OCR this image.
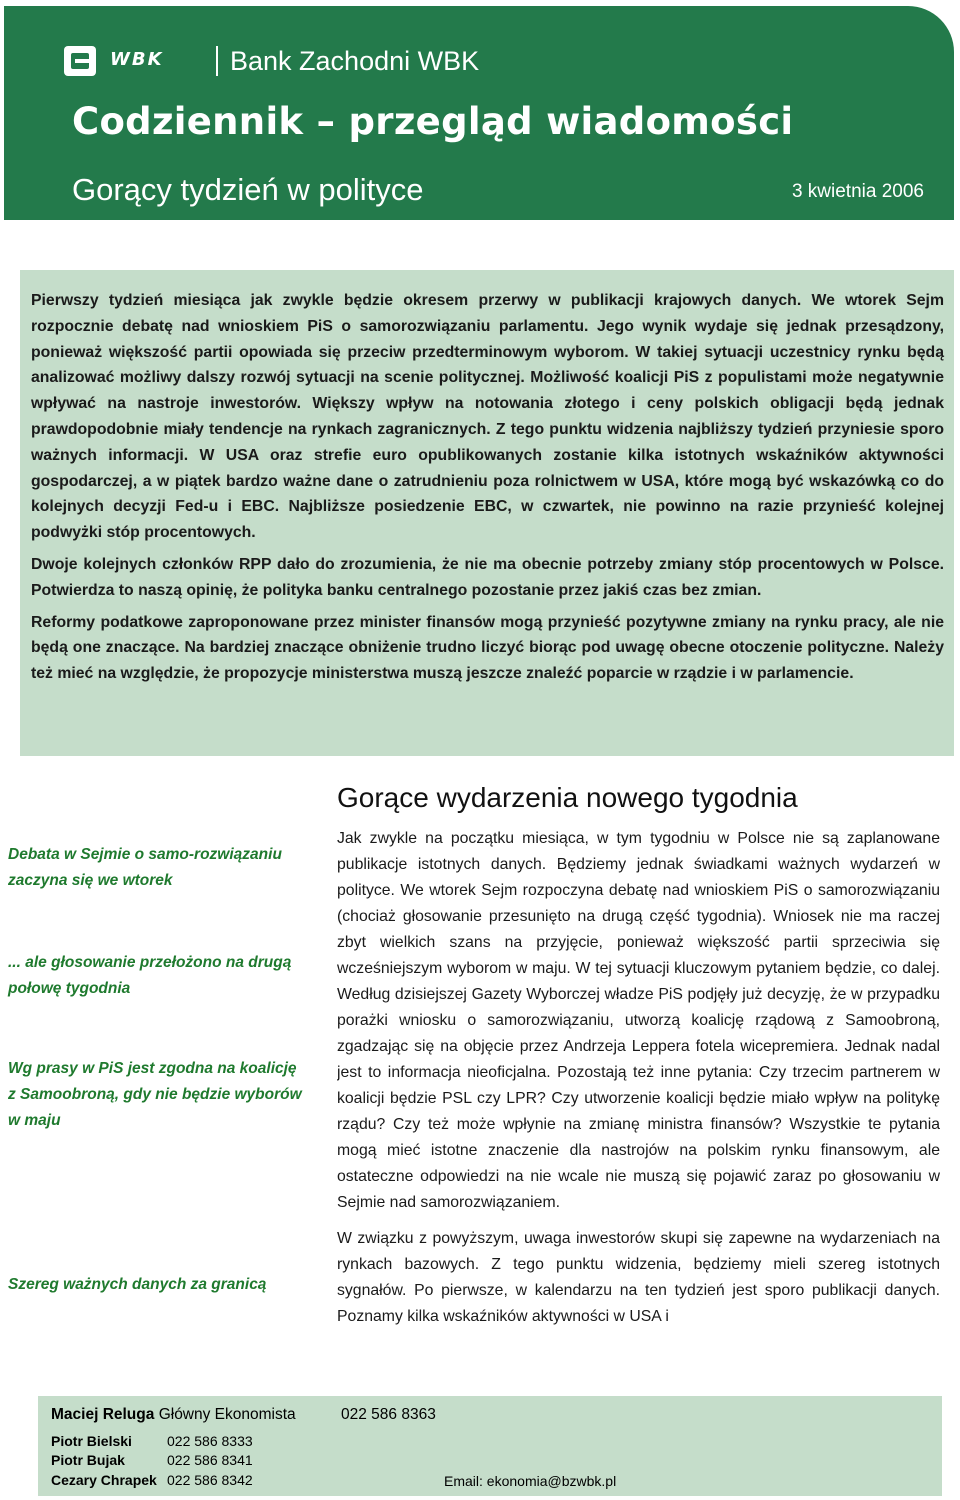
WBK	Bank Zachodni WBK
Codziennik – przegląd wiadomości
Gorący tydzień w polityce	3 kwietnia 2006

Pierwszy tydzień miesiąca jak zwykle będzie okresem przerwy w publikacji krajowych danych. We wtorek Sejm rozpocznie debatę nad wnioskiem PiS o samorozwiązaniu parlamentu. Jego wynik wydaje się jednak przesądzony, ponieważ większość partii opowiada się przeciw przedterminowym wyborom. W takiej sytuacji uczestnicy rynku będą analizować możliwy dalszy rozwój sytuacji na scenie politycznej. Możliwość koalicji PiS z populistami może negatywnie wpływać na nastroje inwestorów. Większy wpływ na notowania złotego i ceny polskich obligacji będą jednak prawdopodobnie miały tendencje na rynkach zagranicznych. Z tego punktu widzenia najbliższy tydzień przyniesie sporo ważnych informacji. W USA oraz strefie euro opublikowanych zostanie kilka istotnych wskaźników aktywności gospodarczej, a w piątek bardzo ważne dane o zatrudnieniu poza rolnictwem w USA, które mogą być wskazówką co do kolejnych decyzji Fed-u i EBC. Najbliższe posiedzenie EBC, w czwartek, nie powinno na razie przynieść kolejnej podwyżki stóp procentowych.

Dwoje kolejnych członków RPP dało do zrozumienia, że nie ma obecnie potrzeby zmiany stóp procentowych w Polsce. Potwierdza to naszą opinię, że polityka banku centralnego pozostanie przez jakiś czas bez zmian.

Reformy podatkowe zaproponowane przez minister finansów mogą przynieść pozytywne zmiany na rynku pracy, ale nie będą one znaczące. Na bardziej znaczące obniżenie trudno liczyć biorąc pod uwagę obecne otoczenie polityczne. Należy też mieć na względzie, że propozycje ministerstwa muszą jeszcze znaleźć poparcie w rządzie i w parlamencie.

Gorące wydarzenia nowego tygodnia

Debata w Sejmie o samo-rozwiązaniu zaczyna się we wtorek

... ale głosowanie przełożono na drugą połowę tygodnia

Wg prasy w PiS jest zgodna na koalicję z Samoobroną, gdy nie będzie wyborów w maju

Szereg ważnych danych za granicą

Jak zwykle na początku miesiąca, w tym tygodniu w Polsce nie są zaplanowane publikacje istotnych danych. Będziemy jednak świadkami ważnych wydarzeń w polityce. We wtorek Sejm rozpoczyna debatę nad wnioskiem PiS o samorozwiązaniu (chociaż głosowanie przesunięto na drugą część tygodnia). Wniosek nie ma raczej zbyt wielkich szans na przyjęcie, ponieważ większość partii sprzeciwia się wcześniejszym wyborom w maju. W tej sytuacji kluczowym pytaniem będzie, co dalej. Według dzisiejszej Gazety Wyborczej władze PiS podjęły już decyzję, że w przypadku porażki wniosku o samorozwiązaniu, utworzą koalicję rządową z Samoobroną, zgadzając się na objęcie przez Andrzeja Leppera fotela wicepremiera. Jednak nadal jest to informacja nieoficjalna. Pozostają też inne pytania: Czy trzecim partnerem w koalicji będzie PSL czy LPR? Czy utworzenie koalicji będzie miało wpływ na politykę rządu? Czy też może wpłynie na zmianę ministra finansów? Wszystkie te pytania mogą mieć istotne znaczenie dla nastrojów na polskim rynku finansowym, ale ostateczne odpowiedzi na nie wcale nie muszą się pojawić zaraz po głosowaniu w Sejmie nad samorozwiązaniem.

W związku z powyższym, uwaga inwestorów skupi się zapewne na wydarzeniach na rynkach bazowych. Z tego punktu widzenia, będziemy mieli szereg istotnych sygnałów. Po pierwsze, w kalendarzu na ten tydzień jest sporo publikacji danych. Poznamy kilka wskaźników aktywności w USA i

Maciej Reluga Główny Ekonomista	022 586 8363
Piotr Bielski	022 586 8333
Piotr Bujak	022 586 8341
Cezary Chrapek 022 586 8342	Email: ekonomia@bzwbk.pl
